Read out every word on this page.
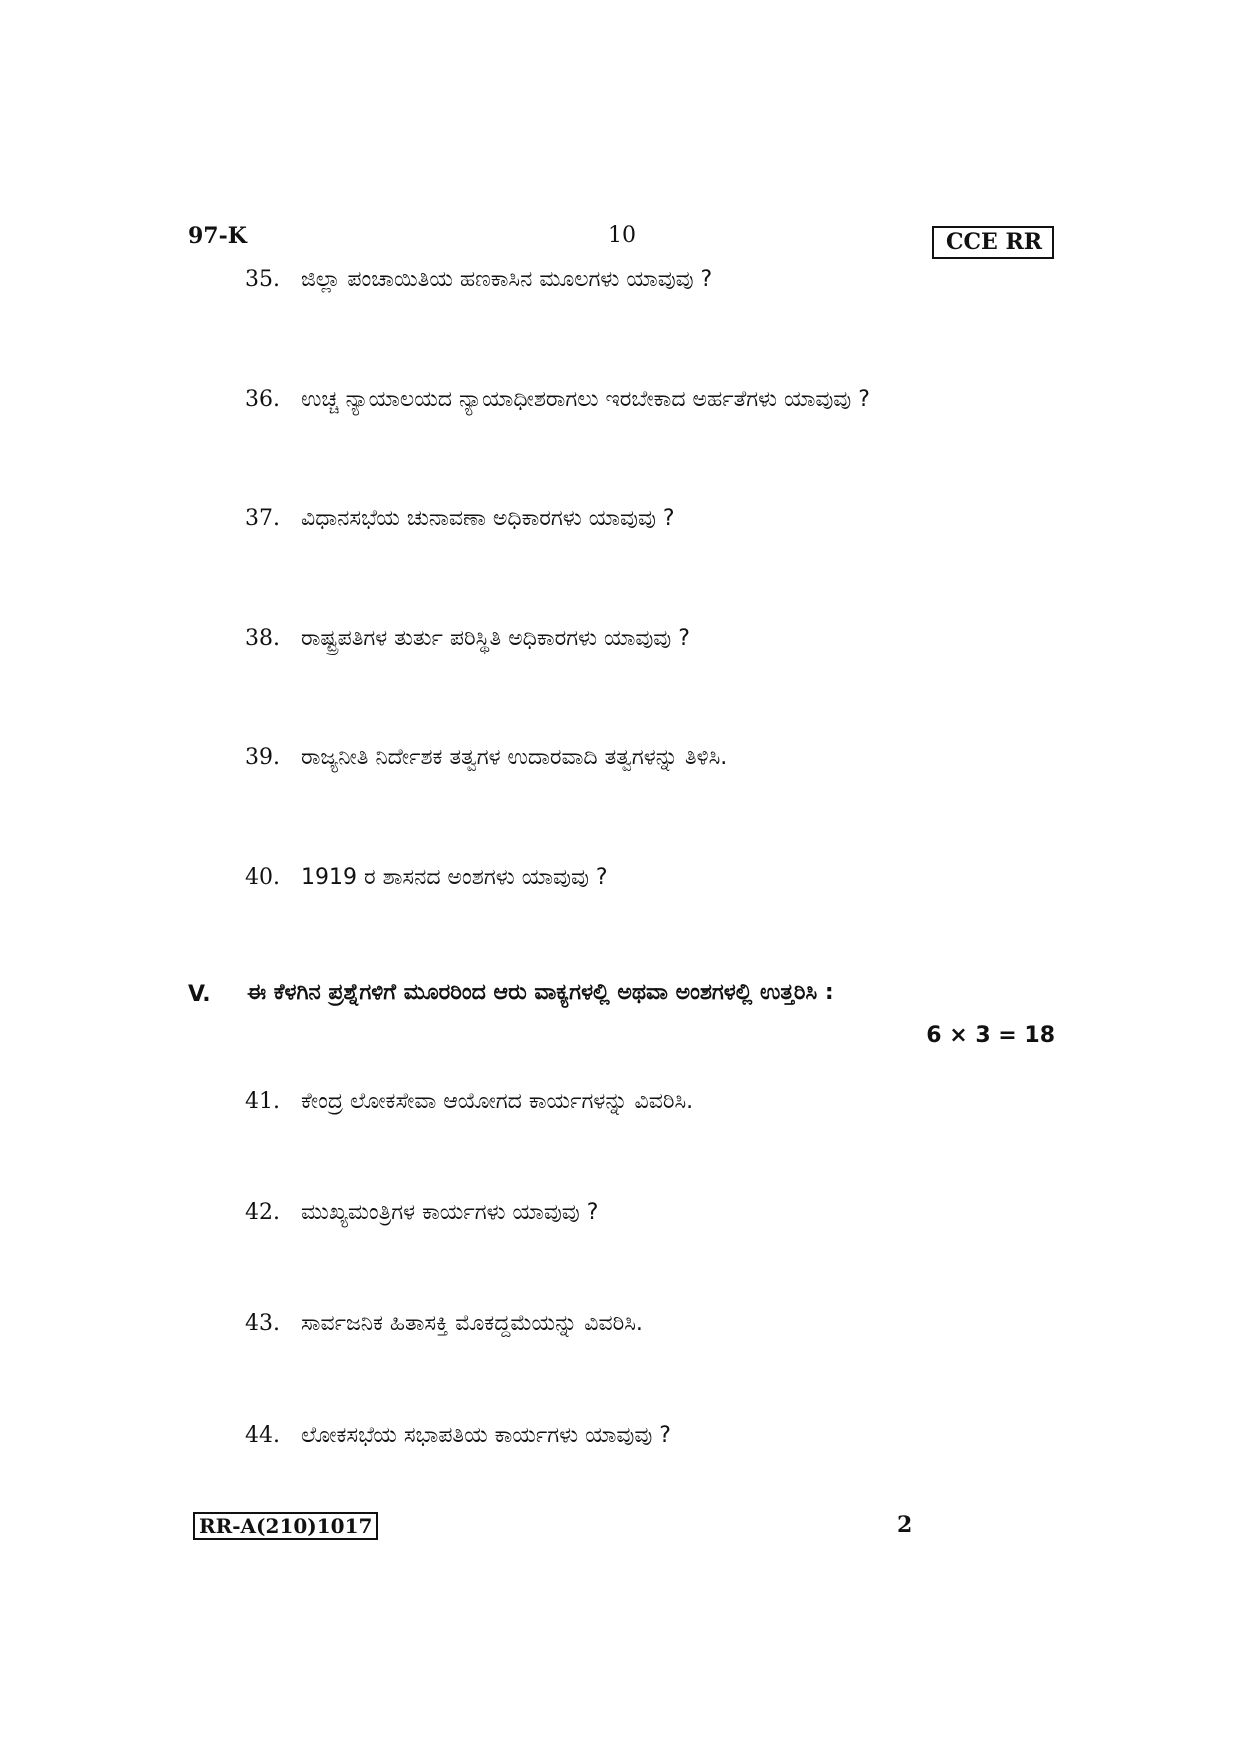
97-K	10	CCE RR
35. ಜಿಲ್ಲಾ ಪಂಚಾಯಿತಿಯ ಹಣಕಾಸಿನ ಮೂಲಗಳು ಯಾವುವು ?
36. ಉಚ್ಚ ನ್ಯಾಯಾಲಯದ ನ್ಯಾಯಾಧೀಶರಾಗಲು ಇರಬೇಕಾದ ಅರ್ಹತೆಗಳು ಯಾವುವು ?
37. ವಿಧಾನಸಭೆಯ ಚುನಾವಣಾ ಅಧಿಕಾರಗಳು ಯಾವುವು ?
38. ರಾಷ್ಟ್ರಪತಿಗಳ ತುರ್ತು ಪರಿಸ್ಥಿತಿ ಅಧಿಕಾರಗಳು ಯಾವುವು ?
39. ರಾಜ್ಯನೀತಿ ನಿರ್ದೇಶಕ ತತ್ವಗಳ ಉದಾರವಾದಿ ತತ್ವಗಳನ್ನು ತಿಳಿಸಿ.
40. 1919 ರ ಶಾಸನದ ಅಂಶಗಳು ಯಾವುವು ?
V. ಈ ಕೆಳಗಿನ ಪ್ರಶ್ನೆಗಳಿಗೆ ಮೂರರಿಂದ ಆರು ವಾಕ್ಯಗಳಲ್ಲಿ ಅಥವಾ ಅಂಶಗಳಲ್ಲಿ ಉತ್ತರಿಸಿ :
6 × 3 = 18
41. ಕೇಂದ್ರ ಲೋಕಸೇವಾ ಆಯೋಗದ ಕಾರ್ಯಗಳನ್ನು ವಿವರಿಸಿ.
42. ಮುಖ್ಯಮಂತ್ರಿಗಳ ಕಾರ್ಯಗಳು ಯಾವುವು ?
43. ಸಾರ್ವಜನಿಕ ಹಿತಾಸಕ್ತಿ ಮೊಕದ್ದಮೆಯನ್ನು ವಿವರಿಸಿ.
44. ಲೋಕಸಭೆಯ ಸಭಾಪತಿಯ ಕಾರ್ಯಗಳು ಯಾವುವು ?
RR-A(210)1017	2
